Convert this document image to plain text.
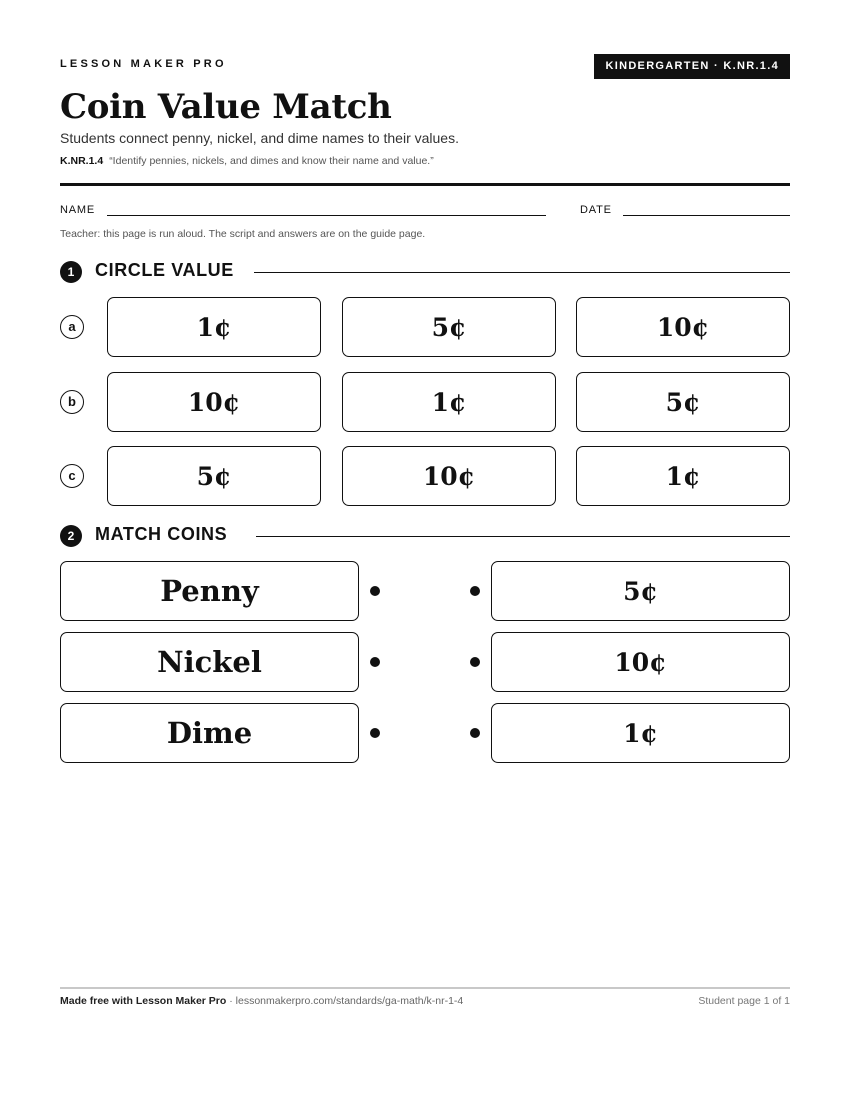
LESSON MAKER PRO	KINDERGARTEN · K.NR.1.4
Coin Value Match
Students connect penny, nickel, and dime names to their values.
K.NR.1.4 “Identify pennies, nickels, and dimes and know their name and value.”
NAME	DATE
Teacher: this page is run aloud. The script and answers are on the guide page.
1	CIRCLE VALUE
a	1¢	5¢	10¢
b	10¢	1¢	5¢
c	5¢	10¢	1¢
2	MATCH COINS
Penny	5¢
Nickel	10¢
Dime	1¢
Made free with Lesson Maker Pro · lessonmakerpro.com/standards/ga-math/k-nr-1-4	Student page 1 of 1
